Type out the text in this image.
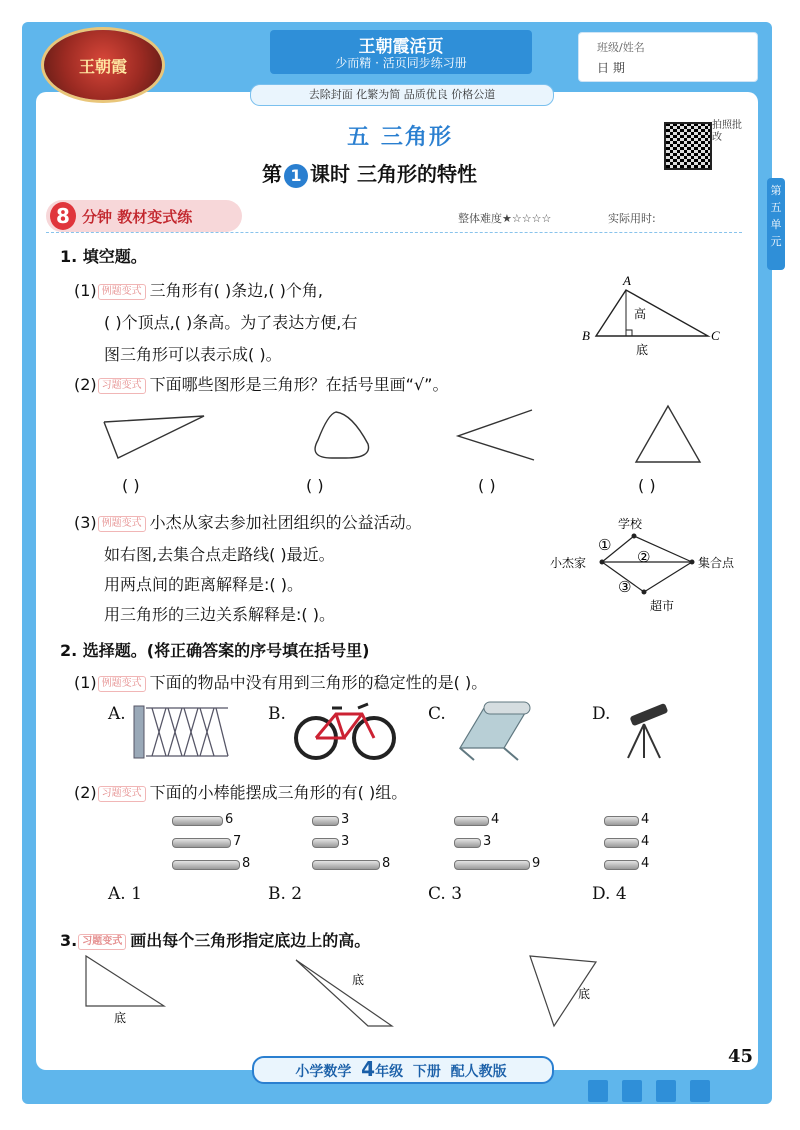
王朝霞
王朝霞活页
少而精 · 活页同步练习册
去除封面 化繁为简 品质优良 价格公道
班级/姓名
日 期
拍照批改
第五单元
五 三角形
第 1 课时 三角形的特性
8 分钟 教材变式练	整体难度★☆☆☆☆	实际用时:
1. 填空题。
(1) 例题变式 三角形有( )条边,( )个角,
( )个顶点,( )条高。为了表达方便,右
图三角形可以表示成( )。
A
B	C
高
底
(2) 习题变式 下面哪些图形是三角形？在括号里画“√”。
( )	( )	( )	( )
(3) 例题变式 小杰从家去参加社团组织的公益活动。
如右图,去集合点走路线( )最近。
用两点间的距离解释是:( )。
用三角形的三边关系解释是:( )。
学校
小杰家	集合点
超市
①
②
③
2. 选择题。(将正确答案的序号填在括号里)
(1) 例题变式 下面的物品中没有用到三角形的稳定性的是( )。
A.	B.	C.	D.
(2) 习题变式 下面的小棒能摆成三角形的有( )组。
6
7
8
3
3
8
4
3
9
4
4
4
A. 1	B. 2	C. 3	D. 4
3. 习题变式 画出每个三角形指定底边上的高。
底
底
底
小学数学 4年级 下册 配人教版
45
